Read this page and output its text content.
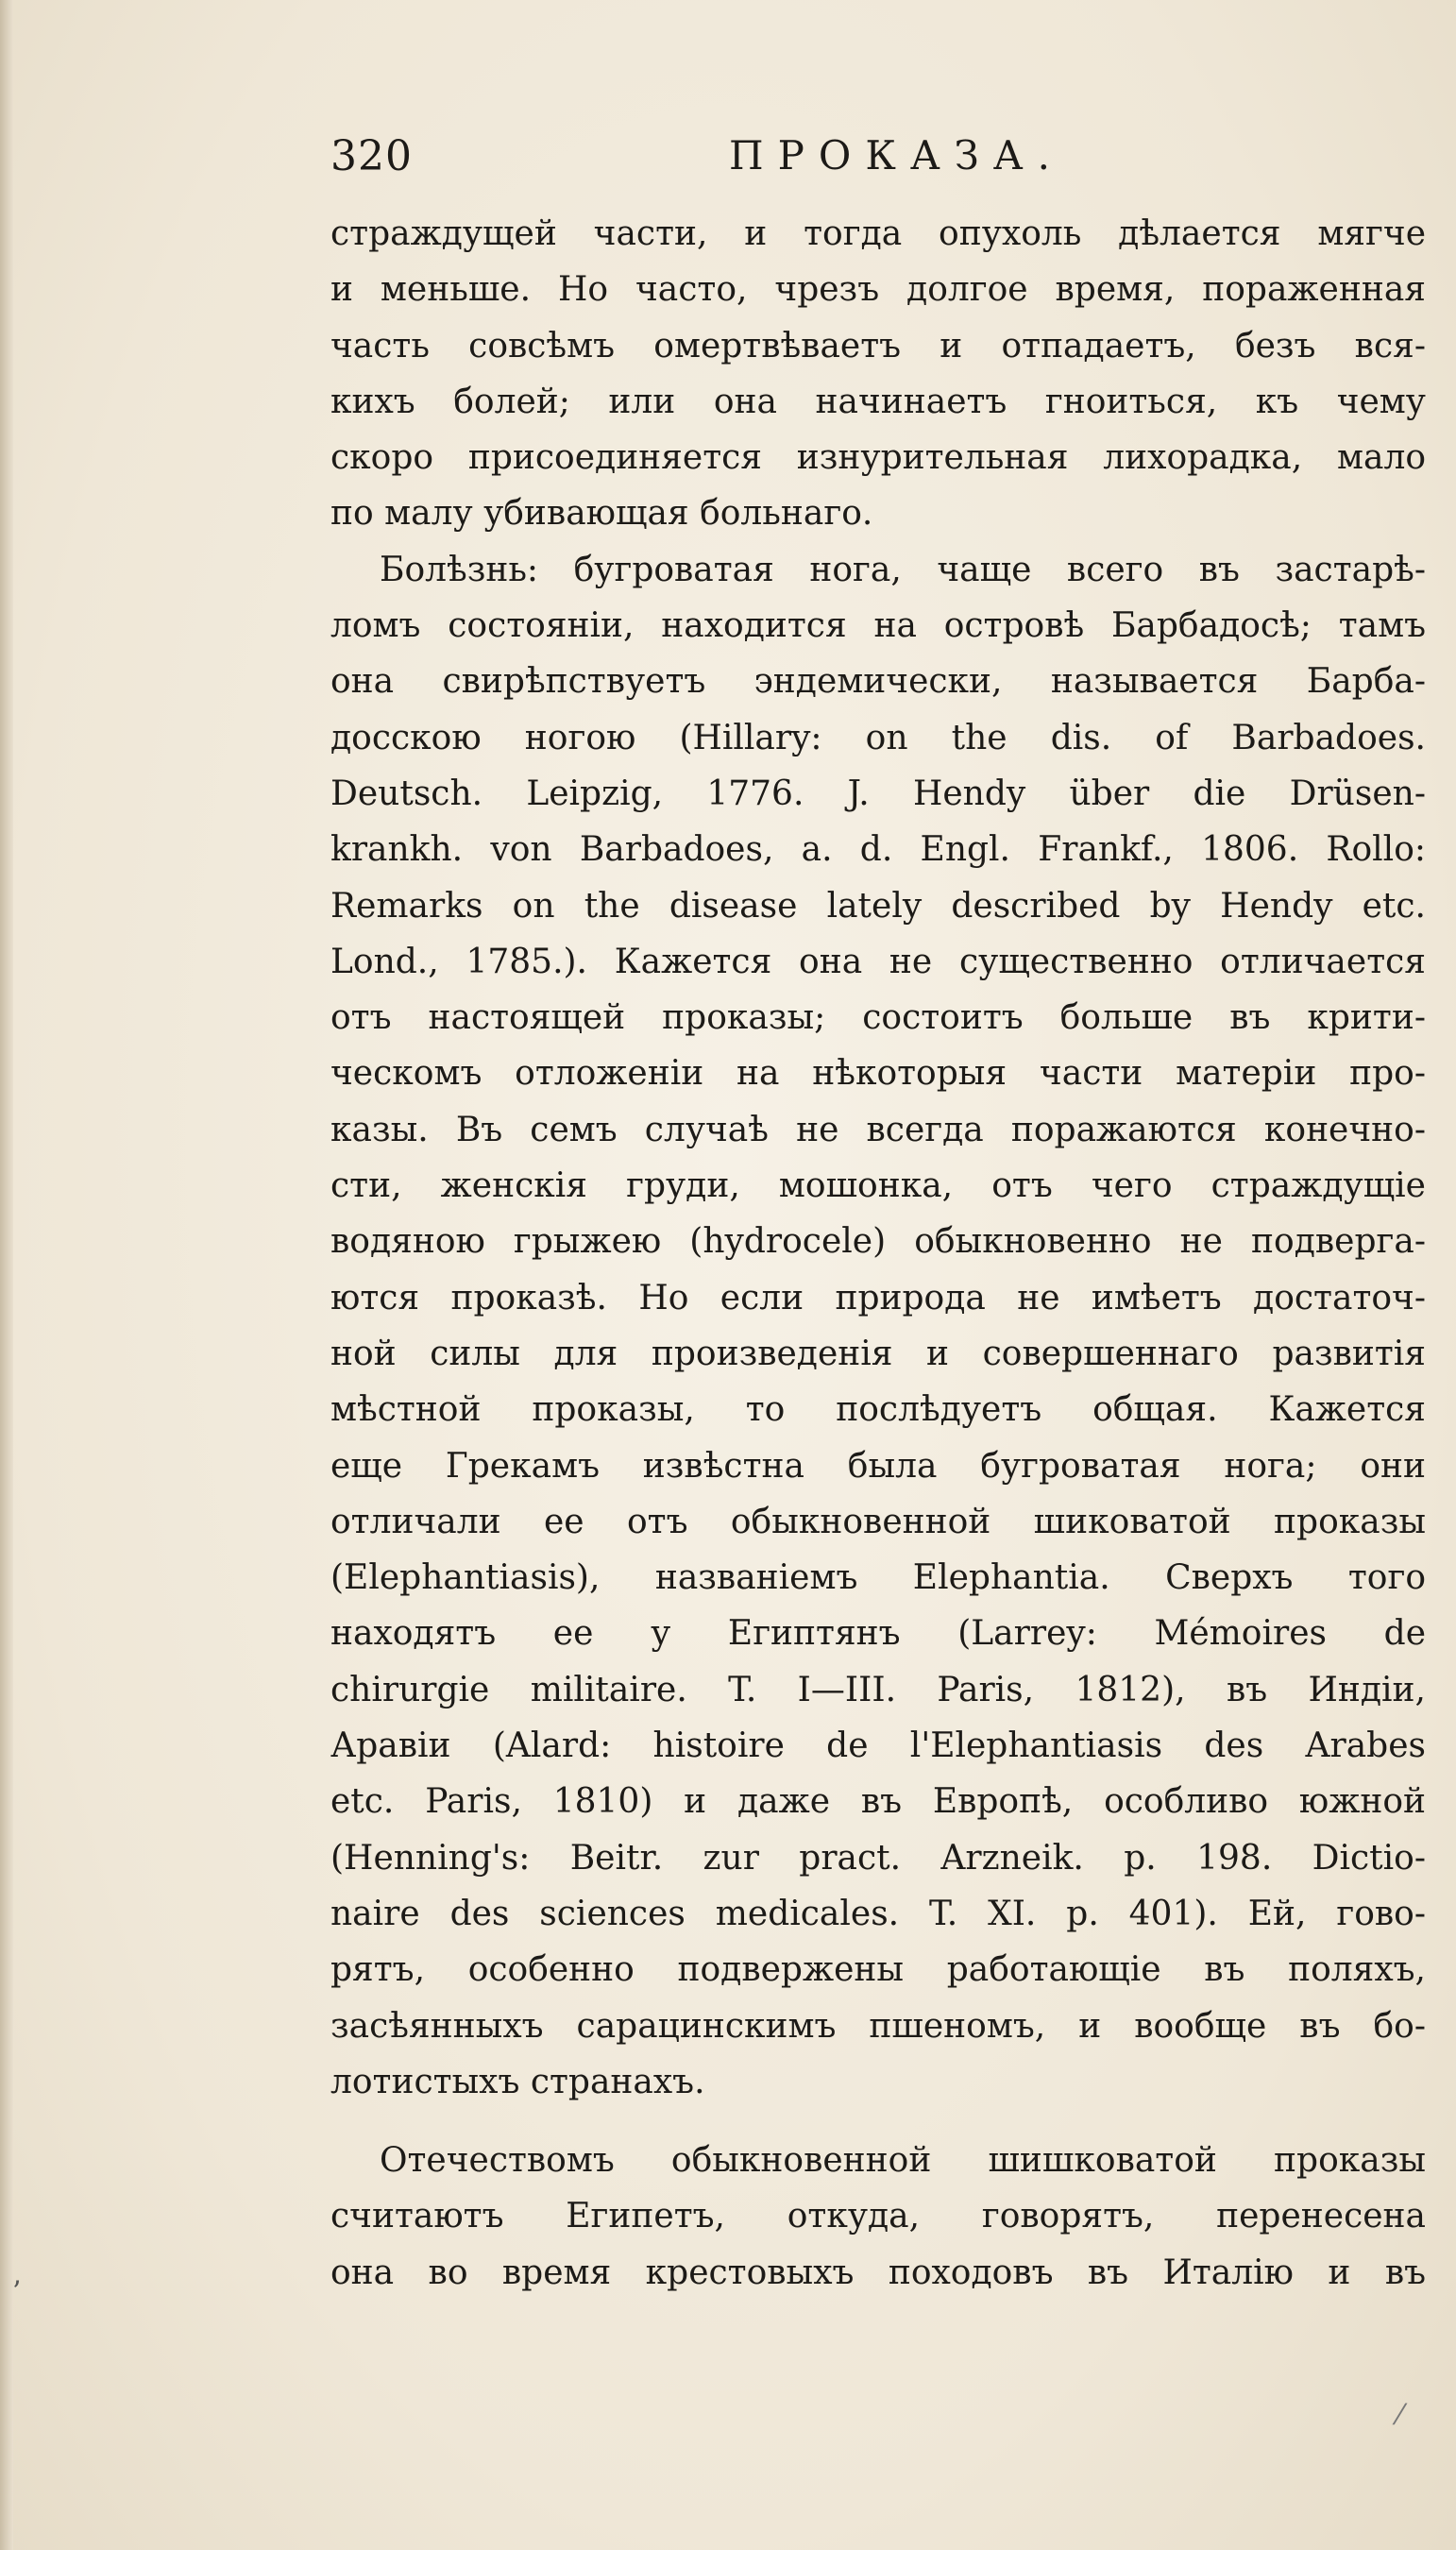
320	ПРОКАЗА.
страждущей части, и тогда опухоль дѣлается мягче
и меньше. Но часто, чрезъ долгое время, пораженная
часть совсѣмъ омертвѣваетъ и отпадаетъ, безъ вся-
кихъ болей; или она начинаетъ гноиться, къ чему
скоро присоединяется изнурительная лихорадка, мало
по малу убивающая больнаго.
Болѣзнь: бугроватая нога, чаще всего въ застарѣ-
ломъ состояніи, находится на островѣ Барбадосѣ; тамъ
она свирѣпствуетъ эндемически, называется Барба-
досскою ногою (Hillary: on the dis. of Barbadoes.
Deutsch. Leipzig, 1776. J. Hendy über die Drüsen-
krankh. von Barbadoes, a. d. Engl. Frankf., 1806. Rollo:
Remarks on the disease lately described by Hendy etc.
Lond., 1785.). Кажется она не существенно отличается
отъ настоящей проказы; состоитъ больше въ крити-
ческомъ отложеніи на нѣкоторыя части матеріи про-
казы. Въ семъ случаѣ не всегда поражаются конечно-
сти, женскія груди, мошонка, отъ чего страждущіе
водяною грыжею (hydrocele) обыкновенно не подверга-
ются проказѣ. Но если природа не имѣетъ достаточ-
ной силы для произведенія и совершеннаго развитія
мѣстной проказы, то послѣдуетъ общая. Кажется
еще Грекамъ извѣстна была бугроватая нога; они
отличали ее отъ обыкновенной шиковатой проказы
(Elephantiasis), названіемъ Elephantia. Сверхъ того
находятъ ее у Египтянъ (Larrey: Mémoires de
chirurgie militaire. T. I—III. Paris, 1812), въ Индіи,
Аравіи (Alard: histoire de l'Elephantiasis des Arabes
etc. Paris, 1810) и даже въ Европѣ, особливо южной
(Henning's: Beitr. zur pract. Arzneik. p. 198. Dictio-
naire des sciences medicales. T. XI. p. 401). Ей, гово-
рятъ, особенно подвержены работающіе въ поляхъ,
засѣянныхъ сарацинскимъ пшеномъ, и вообще въ бо-
лотистыхъ странахъ.
Отечествомъ обыкновенной шишковатой проказы
считаютъ Египетъ, откуда, говорятъ, перенесена
она во время крестовыхъ походовъ въ Италію и въ
ʼ
⁄
